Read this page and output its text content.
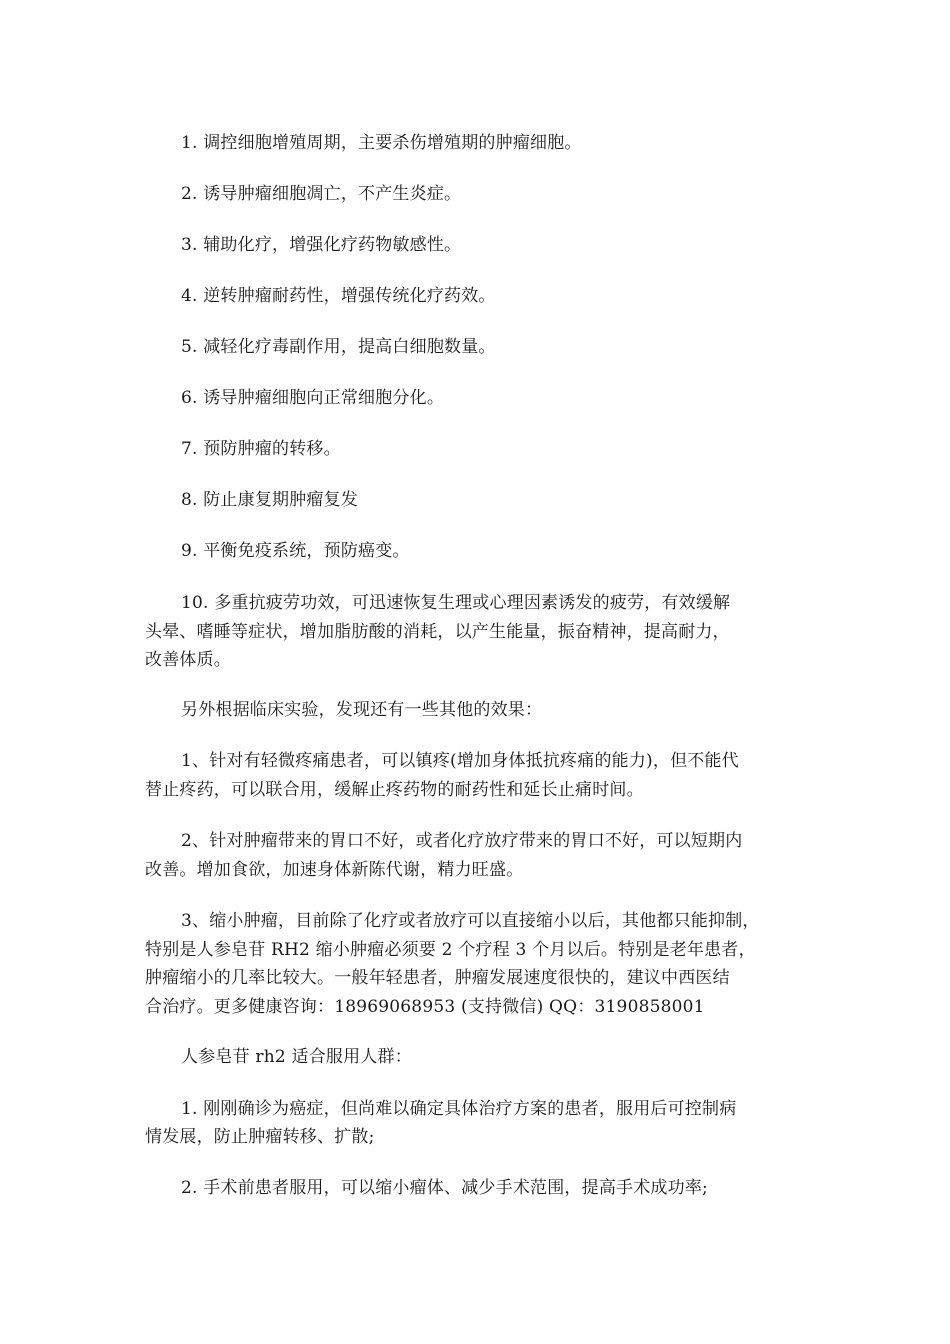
1. 调控细胞增殖周期，主要杀伤增殖期的肿瘤细胞。
2. 诱导肿瘤细胞凋亡，不产生炎症。
3. 辅助化疗，增强化疗药物敏感性。
4. 逆转肿瘤耐药性，增强传统化疗药效。
5. 减轻化疗毒副作用，提高白细胞数量。
6. 诱导肿瘤细胞向正常细胞分化。
7. 预防肿瘤的转移。
8. 防止康复期肿瘤复发
9. 平衡免疫系统，预防癌变。
10. 多重抗疲劳功效，可迅速恢复生理或心理因素诱发的疲劳，有效缓解
头晕、嗜睡等症状，增加脂肪酸的消耗，以产生能量，振奋精神，提高耐力，
改善体质。
另外根据临床实验，发现还有一些其他的效果：
1、针对有轻微疼痛患者，可以镇疼(增加身体抵抗疼痛的能力)，但不能代
替止疼药，可以联合用，缓解止疼药物的耐药性和延长止痛时间。
2、针对肿瘤带来的胃口不好，或者化疗放疗带来的胃口不好，可以短期内
改善。增加食欲，加速身体新陈代谢，精力旺盛。
3、缩小肿瘤，目前除了化疗或者放疗可以直接缩小以后，其他都只能抑制，
特别是人参皂苷 RH2 缩小肿瘤必须要 2 个疗程 3 个月以后。特别是老年患者，
肿瘤缩小的几率比较大。一般年轻患者，肿瘤发展速度很快的，建议中西医结
合治疗。更多健康咨询：18969068953 (支持微信) QQ：3190858001
人参皂苷 rh2 适合服用人群：
1. 刚刚确诊为癌症，但尚难以确定具体治疗方案的患者，服用后可控制病
情发展，防止肿瘤转移、扩散;
2. 手术前患者服用，可以缩小瘤体、减少手术范围，提高手术成功率;
